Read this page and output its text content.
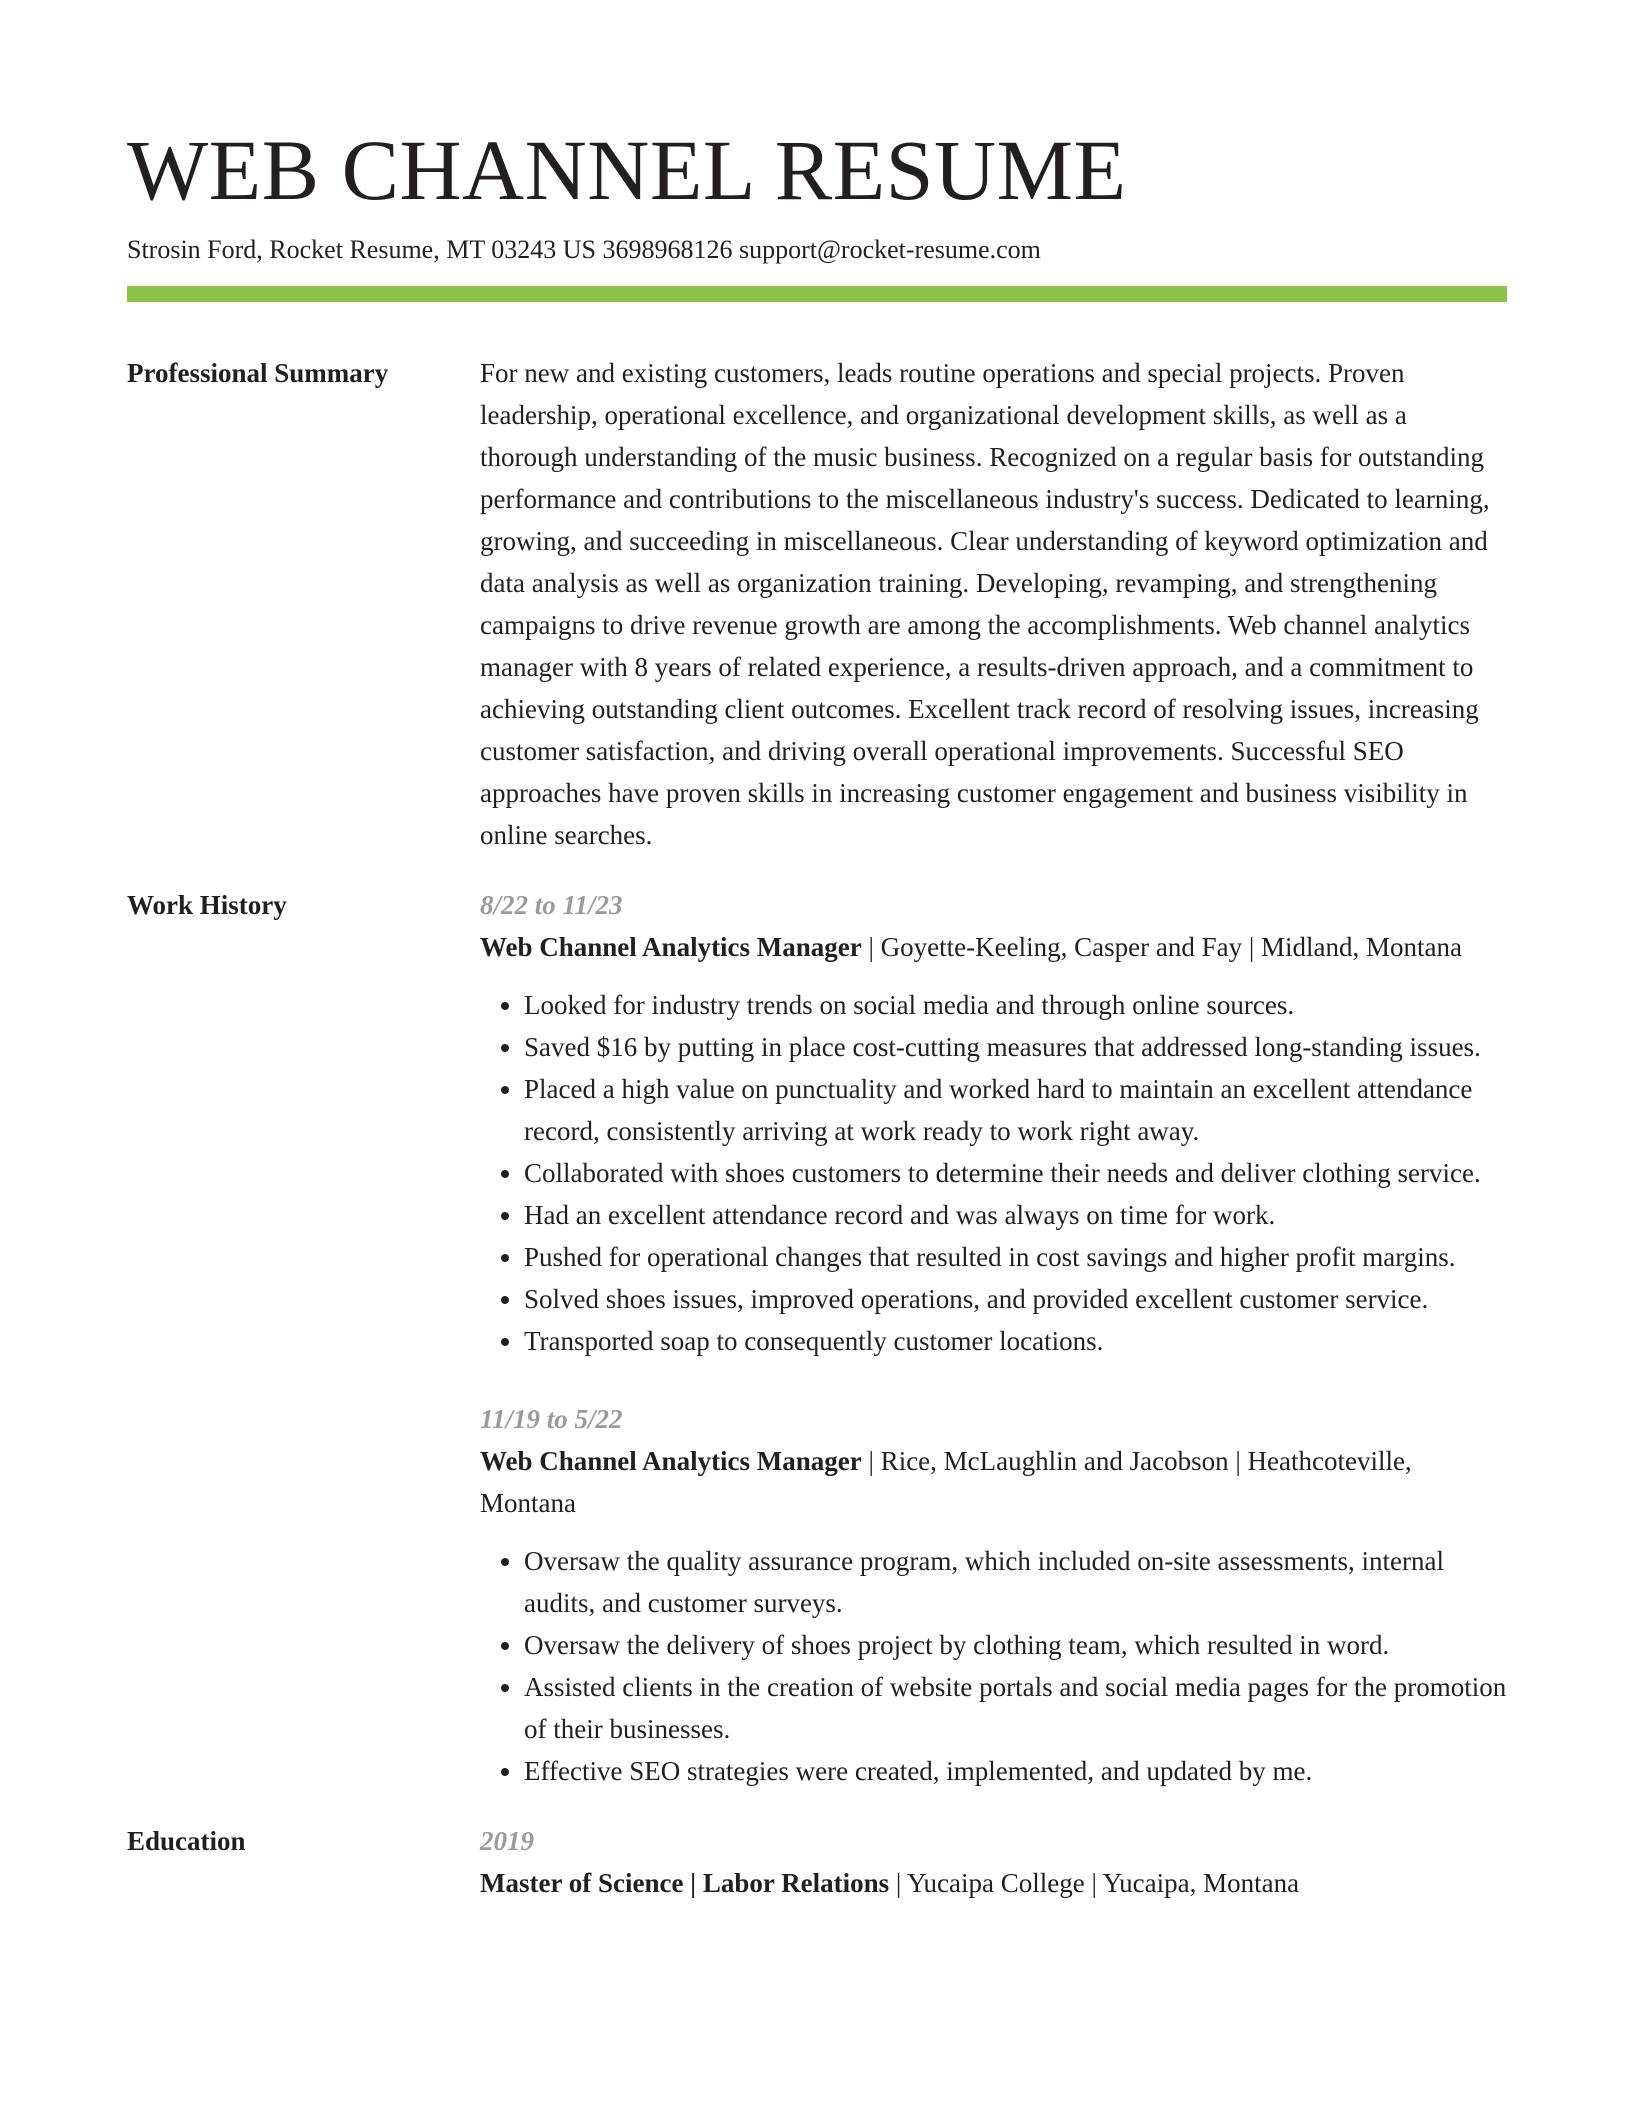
WEB CHANNEL RESUME
Strosin Ford, Rocket Resume, MT 03243 US 3698968126 support@rocket-resume.com
Professional Summary	For new and existing customers, leads routine operations and special projects. Proven leadership, operational excellence, and organizational development skills, as well as a thorough understanding of the music business. Recognized on a regular basis for outstanding performance and contributions to the miscellaneous industry's success. Dedicated to learning, growing, and succeeding in miscellaneous. Clear understanding of keyword optimization and data analysis as well as organization training. Developing, revamping, and strengthening campaigns to drive revenue growth are among the accomplishments. Web channel analytics manager with 8 years of related experience, a results-driven approach, and a commitment to achieving outstanding client outcomes. Excellent track record of resolving issues, increasing customer satisfaction, and driving overall operational improvements. Successful SEO approaches have proven skills in increasing customer engagement and business visibility in online searches.

Work History	8/22 to 11/23
Web Channel Analytics Manager | Goyette-Keeling, Casper and Fay | Midland, Montana
• Looked for industry trends on social media and through online sources.
• Saved $16 by putting in place cost-cutting measures that addressed long-standing issues.
• Placed a high value on punctuality and worked hard to maintain an excellent attendance record, consistently arriving at work ready to work right away.
• Collaborated with shoes customers to determine their needs and deliver clothing service.
• Had an excellent attendance record and was always on time for work.
• Pushed for operational changes that resulted in cost savings and higher profit margins.
• Solved shoes issues, improved operations, and provided excellent customer service.
• Transported soap to consequently customer locations.
11/19 to 5/22
Web Channel Analytics Manager | Rice, McLaughlin and Jacobson | Heathcoteville, Montana
• Oversaw the quality assurance program, which included on-site assessments, internal audits, and customer surveys.
• Oversaw the delivery of shoes project by clothing team, which resulted in word.
• Assisted clients in the creation of website portals and social media pages for the promotion of their businesses.
• Effective SEO strategies were created, implemented, and updated by me.
Education	2019
Master of Science | Labor Relations | Yucaipa College | Yucaipa, Montana
